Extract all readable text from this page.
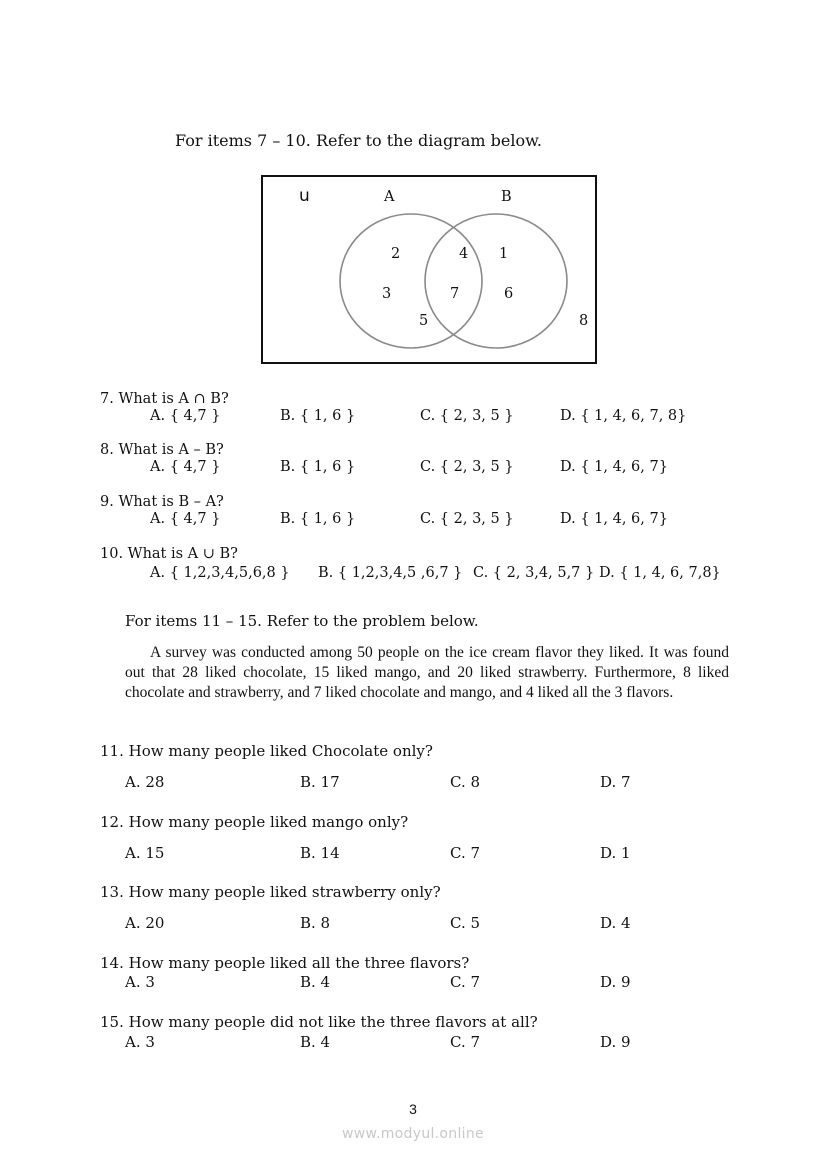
For items 7 – 10. Refer to the diagram below.
u	A	B
2
3
5
4
7
1
6
8
7. What is A ∩ B?
A. { 4,7 }	B. { 1, 6 }	C. { 2, 3, 5 }	D. { 1, 4, 6, 7, 8}
8. What is A – B?
A. { 4,7 }	B. { 1, 6 }	C. { 2, 3, 5 }	D. { 1, 4, 6, 7}
9. What is B – A?
A. { 4,7 }	B. { 1, 6 }	C. { 2, 3, 5 }	D. { 1, 4, 6, 7}
10. What is A ∪ B?
A. { 1,2,3,4,5,6,8 } B. { 1,2,3,4,5 ,6,7 } C. { 2, 3,4, 5,7 } D. { 1, 4, 6, 7,8}
For items 11 – 15. Refer to the problem below.
A survey was conducted among 50 people on the ice cream flavor they liked. It was found out that 28 liked chocolate, 15 liked mango, and 20 liked strawberry. Furthermore, 8 liked chocolate and strawberry, and 7 liked chocolate and mango, and 4 liked all the 3 flavors.
11. How many people liked Chocolate only?
A. 28	B. 17	C. 8	D. 7
12. How many people liked mango only?
A. 15	B. 14	C. 7	D. 1
13. How many people liked strawberry only?
A. 20	B. 8	C. 5	D. 4
14. How many people liked all the three flavors?
A. 3	B. 4	C. 7	D. 9
15. How many people did not like the three flavors at all?
A. 3	B. 4	C. 7	D. 9
3
www.modyul.online
